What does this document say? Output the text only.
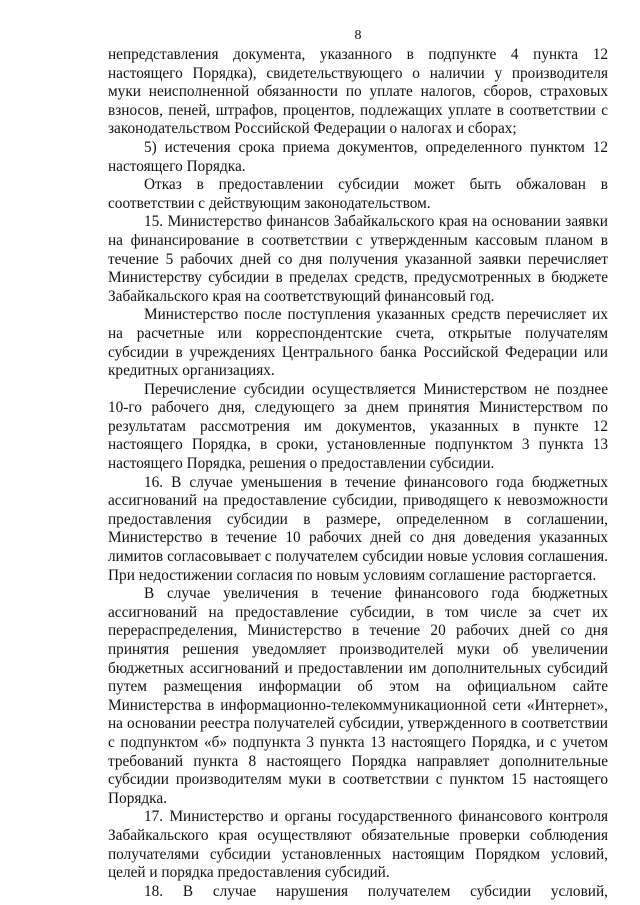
8

непредставления документа, указанного в подпункте 4 пункта 12 настоящего Порядка), свидетельствующего о наличии у производителя муки неисполненной обязанности по уплате налогов, сборов, страховых взносов, пеней, штрафов, процентов, подлежащих уплате в соответствии с законодательством Российской Федерации о налогах и сборах;

5) истечения срока приема документов, определенного пунктом 12 настоящего Порядка.

Отказ в предоставлении субсидии может быть обжалован в соответствии с действующим законодательством.

15. Министерство финансов Забайкальского края на основании заявки на финансирование в соответствии с утвержденным кассовым планом в течение 5 рабочих дней со дня получения указанной заявки перечисляет Министерству субсидии в пределах средств, предусмотренных в бюджете Забайкальского края на соответствующий финансовый год.

Министерство после поступления указанных средств перечисляет их на расчетные или корреспондентские счета, открытые получателям субсидии в учреждениях Центрального банка Российской Федерации или кредитных организациях.

Перечисление субсидии осуществляется Министерством не позднее 10-го рабочего дня, следующего за днем принятия Министерством по результатам рассмотрения им документов, указанных в пункте 12 настоящего Порядка, в сроки, установленные подпунктом 3 пункта 13 настоящего Порядка, решения о предоставлении субсидии.

16. В случае уменьшения в течение финансового года бюджетных ассигнований на предоставление субсидии, приводящего к невозможности предоставления субсидии в размере, определенном в соглашении, Министерство в течение 10 рабочих дней со дня доведения указанных лимитов согласовывает с получателем субсидии новые условия соглашения. При недостижении согласия по новым условиям соглашение расторгается.

В случае увеличения в течение финансового года бюджетных ассигнований на предоставление субсидии, в том числе за счет их перераспределения, Министерство в течение 20 рабочих дней со дня принятия решения уведомляет производителей муки об увеличении бюджетных ассигнований и предоставлении им дополнительных субсидий путем размещения информации об этом на официальном сайте Министерства в информационно-телекоммуникационной сети «Интернет», на основании реестра получателей субсидии, утвержденного в соответствии с подпунктом «б» подпункта 3 пункта 13 настоящего Порядка, и с учетом требований пункта 8 настоящего Порядка направляет дополнительные субсидии производителям муки в соответствии с пунктом 15 настоящего Порядка.

17. Министерство и органы государственного финансового контроля Забайкальского края осуществляют обязательные проверки соблюдения получателями субсидии установленных настоящим Порядком условий, целей и порядка предоставления субсидий.

18. В случае нарушения получателем субсидии условий,
